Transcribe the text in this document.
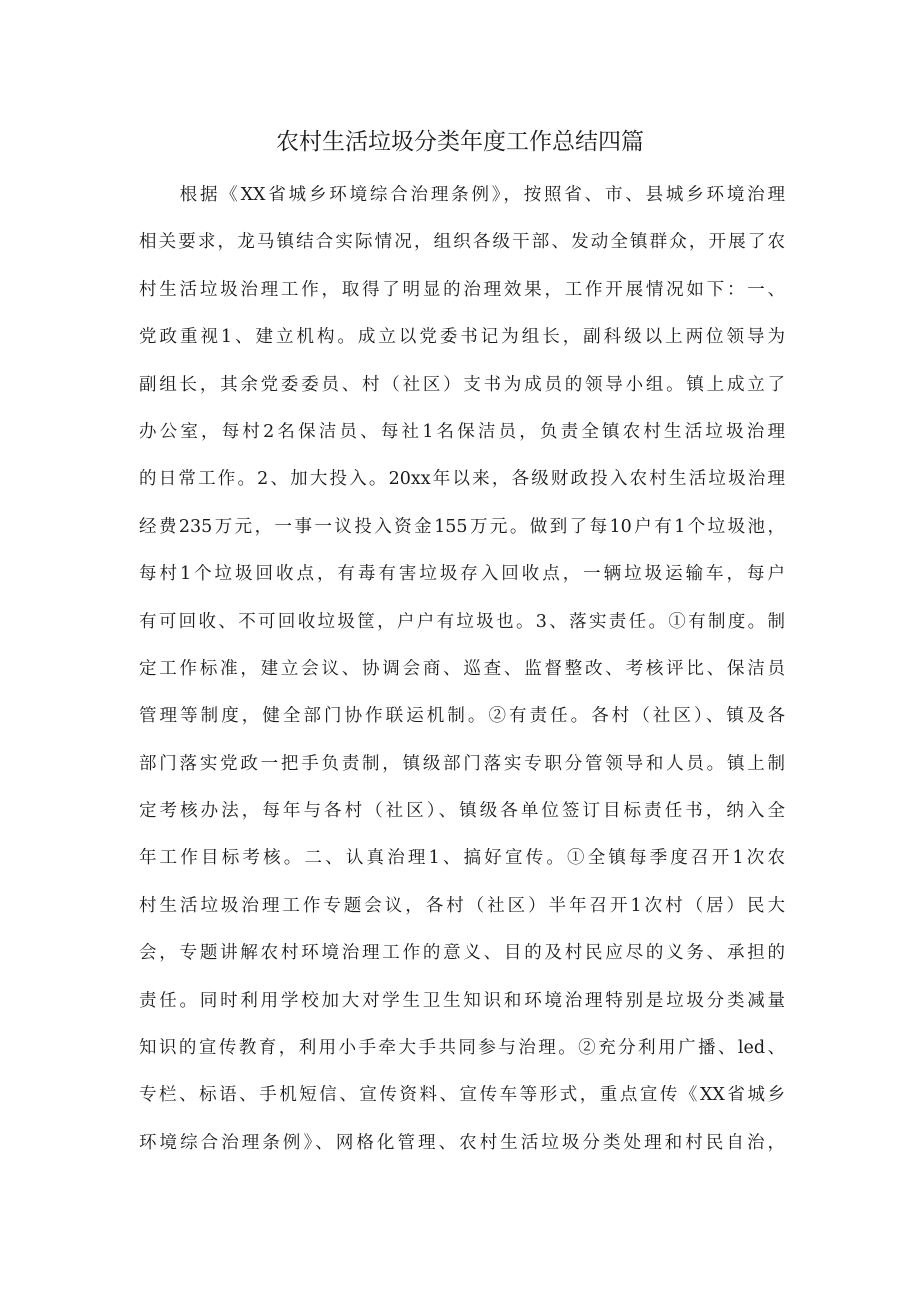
农村生活垃圾分类年度工作总结四篇
　　根据《XX省城乡环境综合治理条例》，按照省、市、县城乡环境治理
相关要求，龙马镇结合实际情况，组织各级干部、发动全镇群众，开展了农
村生活垃圾治理工作，取得了明显的治理效果，工作开展情况如下：一、
党政重视1、建立机构。成立以党委书记为组长，副科级以上两位领导为
副组长，其余党委委员、村（社区）支书为成员的领导小组。镇上成立了
办公室，每村2名保洁员、每社1名保洁员，负责全镇农村生活垃圾治理
的日常工作。2、加大投入。20xx年以来，各级财政投入农村生活垃圾治理
经费235万元，一事一议投入资金155万元。做到了每10户有1个垃圾池，
每村1个垃圾回收点，有毒有害垃圾存入回收点，一辆垃圾运输车，每户
有可回收、不可回收垃圾筐，户户有垃圾也。3、落实责任。①有制度。制
定工作标准，建立会议、协调会商、巡查、监督整改、考核评比、保洁员
管理等制度，健全部门协作联运机制。②有责任。各村（社区）、镇及各
部门落实党政一把手负责制，镇级部门落实专职分管领导和人员。镇上制
定考核办法，每年与各村（社区）、镇级各单位签订目标责任书，纳入全
年工作目标考核。二、认真治理1、搞好宣传。①全镇每季度召开1次农
村生活垃圾治理工作专题会议，各村（社区）半年召开1次村（居）民大
会，专题讲解农村环境治理工作的意义、目的及村民应尽的义务、承担的
责任。同时利用学校加大对学生卫生知识和环境治理特别是垃圾分类减量
知识的宣传教育，利用小手牵大手共同参与治理。②充分利用广播、led、
专栏、标语、手机短信、宣传资料、宣传车等形式，重点宣传《XX省城乡
环境综合治理条例》、网格化管理、农村生活垃圾分类处理和村民自治，
